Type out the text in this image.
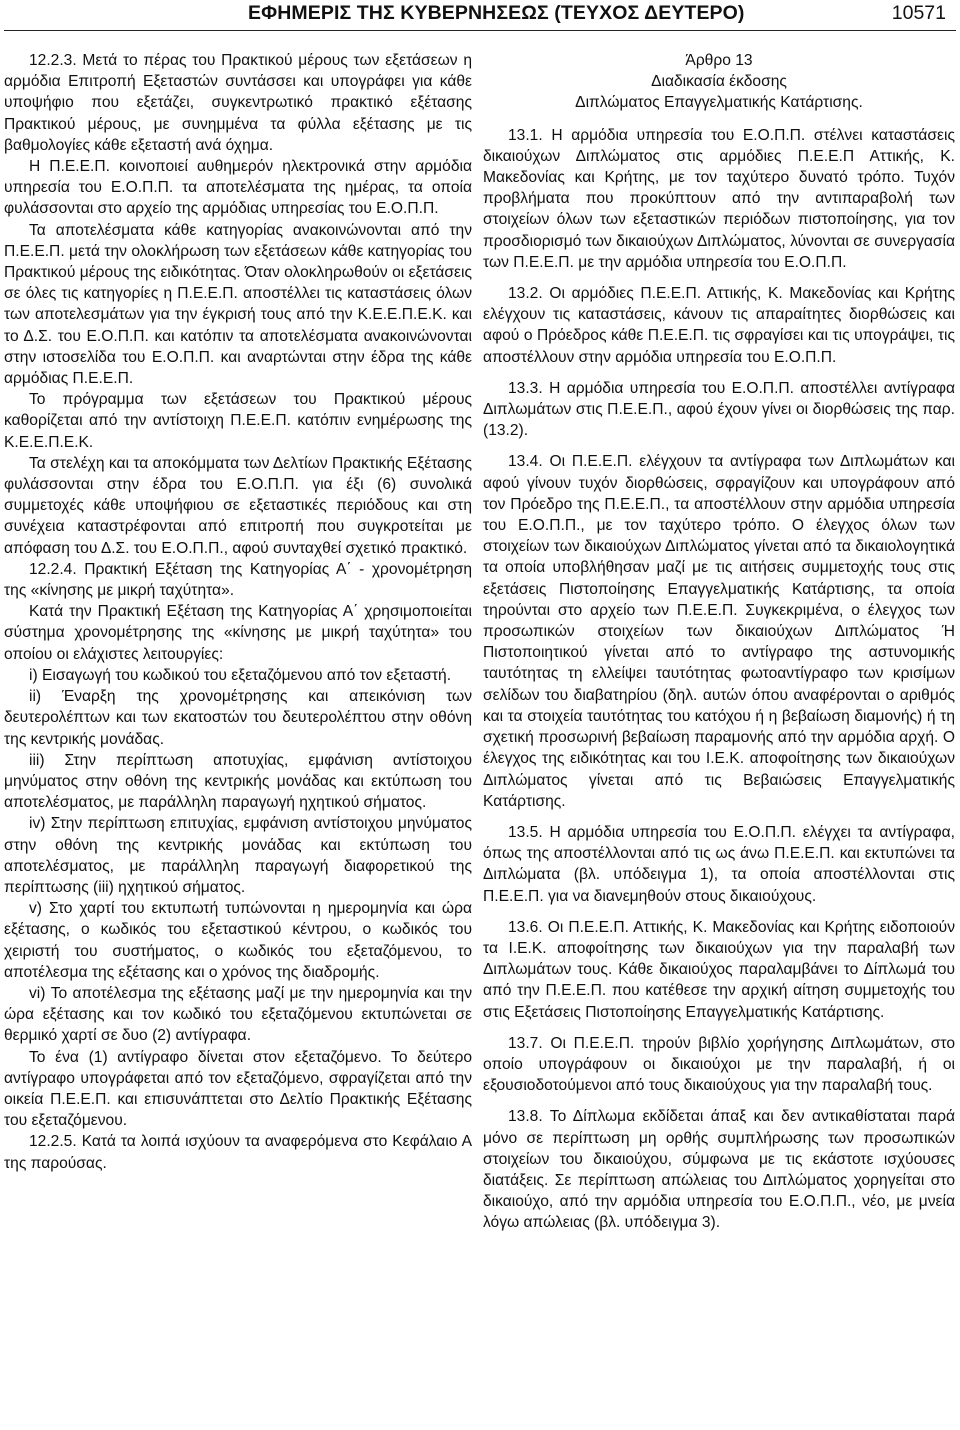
ΕΦΗΜΕΡΙΣ ΤΗΣ ΚΥΒΕΡΝΗΣΕΩΣ (ΤΕΥΧΟΣ ΔΕΥΤΕΡΟ)	10571

12.2.3. Μετά το πέρας του Πρακτικού μέρους των εξετάσεων η αρμόδια Επιτροπή Εξεταστών συντάσσει και υπογράφει για κάθε υποψήφιο που εξετάζει, συγκεντρωτικό πρακτικό εξέτασης Πρακτικού μέρους, με συνημμένα τα φύλλα εξέτασης με τις βαθμολογίες κάθε εξεταστή ανά όχημα.

Η Π.Ε.Ε.Π. κοινοποιεί αυθημερόν ηλεκτρονικά στην αρμόδια υπηρεσία του Ε.Ο.Π.Π. τα αποτελέσματα της ημέρας, τα οποία φυλάσσονται στο αρχείο της αρμόδιας υπηρεσίας του Ε.Ο.Π.Π.

Τα αποτελέσματα κάθε κατηγορίας ανακοινώνονται από την Π.Ε.Ε.Π. μετά την ολοκλήρωση των εξετάσεων κάθε κατηγορίας του Πρακτικού μέρους της ειδικότητας. Όταν ολοκληρωθούν οι εξετάσεις σε όλες τις κατηγορίες η Π.Ε.Ε.Π. αποστέλλει τις καταστάσεις όλων των αποτελεσμάτων για την έγκρισή τους από την Κ.Ε.Ε.Π.Ε.Κ. και το Δ.Σ. του Ε.Ο.Π.Π. και κατόπιν τα αποτελέσματα ανακοινώνονται στην ιστοσελίδα του Ε.Ο.Π.Π. και αναρτώνται στην έδρα της κάθε αρμόδιας Π.Ε.Ε.Π.

Το πρόγραμμα των εξετάσεων του Πρακτικού μέρους καθορίζεται από την αντίστοιχη Π.Ε.Ε.Π. κατόπιν ενημέρωσης της Κ.Ε.Ε.Π.Ε.Κ.

Τα στελέχη και τα αποκόμματα των Δελτίων Πρακτικής Εξέτασης φυλάσσονται στην έδρα του Ε.Ο.Π.Π. για έξι (6) συνολικά συμμετοχές κάθε υποψήφιου σε εξεταστικές περιόδους και στη συνέχεια καταστρέφονται από επιτροπή που συγκροτείται με απόφαση του Δ.Σ. του Ε.Ο.Π.Π., αφού συνταχθεί σχετικό πρακτικό.

12.2.4. Πρακτική Εξέταση της Κατηγορίας Α΄ - χρονομέτρηση της «κίνησης με μικρή ταχύτητα».

Κατά την Πρακτική Εξέταση της Κατηγορίας Α΄ χρησιμοποιείται σύστημα χρονομέτρησης της «κίνησης με μικρή ταχύτητα» του οποίου οι ελάχιστες λειτουργίες:

i) Εισαγωγή του κωδικού του εξεταζόμενου από τον εξεταστή.

ii) Έναρξη της χρονομέτρησης και απεικόνιση των δευτερολέπτων και των εκατοστών του δευτερολέπτου στην οθόνη της κεντρικής μονάδας.

iii) Στην περίπτωση αποτυχίας, εμφάνιση αντίστοιχου μηνύματος στην οθόνη της κεντρικής μονάδας και εκτύπωση του αποτελέσματος, με παράλληλη παραγωγή ηχητικού σήματος.

iv) Στην περίπτωση επιτυχίας, εμφάνιση αντίστοιχου μηνύματος στην οθόνη της κεντρικής μονάδας και εκτύπωση του αποτελέσματος, με παράλληλη παραγωγή διαφορετικού της περίπτωσης (iii) ηχητικού σήματος.

v) Στο χαρτί του εκτυπωτή τυπώνονται η ημερομηνία και ώρα εξέτασης, ο κωδικός του εξεταστικού κέντρου, ο κωδικός του χειριστή του συστήματος, ο κωδικός του εξεταζόμενου, το αποτέλεσμα της εξέτασης και ο χρόνος της διαδρομής.

vi) Το αποτέλεσμα της εξέτασης μαζί με την ημερομηνία και την ώρα εξέτασης και τον κωδικό του εξεταζόμενου εκτυπώνεται σε θερμικό χαρτί σε δυο (2) αντίγραφα.

Το ένα (1) αντίγραφο δίνεται στον εξεταζόμενο. Το δεύτερο αντίγραφο υπογράφεται από τον εξεταζόμενο, σφραγίζεται από την οικεία Π.Ε.Ε.Π. και επισυνάπτεται στο Δελτίο Πρακτικής Εξέτασης του εξεταζόμενου.

12.2.5. Κατά τα λοιπά ισχύουν τα αναφερόμενα στο Κεφάλαιο Α της παρούσας.

Άρθρο 13
Διαδικασία έκδοσης
Διπλώματος Επαγγελματικής Κατάρτισης.

13.1. Η αρμόδια υπηρεσία του Ε.Ο.Π.Π. στέλνει καταστάσεις δικαιούχων Διπλώματος στις αρμόδιες Π.Ε.Ε.Π Αττικής, Κ. Μακεδονίας και Κρήτης, με τον ταχύτερο δυνατό τρόπο. Τυχόν προβλήματα που προκύπτουν από την αντιπαραβολή των στοιχείων όλων των εξεταστικών περιόδων πιστοποίησης, για τον προσδιορισμό των δικαιούχων Διπλώματος, λύνονται σε συνεργασία των Π.Ε.Ε.Π. με την αρμόδια υπηρεσία του Ε.Ο.Π.Π.

13.2. Οι αρμόδιες Π.Ε.Ε.Π. Αττικής, Κ. Μακεδονίας και Κρήτης ελέγχουν τις καταστάσεις, κάνουν τις απαραίτητες διορθώσεις και αφού ο Πρόεδρος κάθε Π.Ε.Ε.Π. τις σφραγίσει και τις υπογράψει, τις αποστέλλουν στην αρμόδια υπηρεσία του Ε.Ο.Π.Π.

13.3. Η αρμόδια υπηρεσία του Ε.Ο.Π.Π. αποστέλλει αντίγραφα Διπλωμάτων στις Π.Ε.Ε.Π., αφού έχουν γίνει οι διορθώσεις της παρ. (13.2).

13.4. Οι Π.Ε.Ε.Π. ελέγχουν τα αντίγραφα των Διπλωμάτων και αφού γίνουν τυχόν διορθώσεις, σφραγίζουν και υπογράφουν από τον Πρόεδρο της Π.Ε.Ε.Π., τα αποστέλλουν στην αρμόδια υπηρεσία του Ε.Ο.Π.Π., με τον ταχύτερο τρόπο. Ο έλεγχος όλων των στοιχείων των δικαιούχων Διπλώματος γίνεται από τα δικαιολογητικά τα οποία υποβλήθησαν μαζί με τις αιτήσεις συμμετοχής τους στις εξετάσεις Πιστοποίησης Επαγγελματικής Κατάρτισης, τα οποία τηρούνται στο αρχείο των Π.Ε.Ε.Π. Συγκεκριμένα, ο έλεγχος των προσωπικών στοιχείων των δικαιούχων Διπλώματος Ή Πιστοποιητικού γίνεται από το αντίγραφο της αστυνομικής ταυτότητας τη ελλείψει ταυτότητας φωτοαντίγραφο των κρισίμων σελίδων του διαβατηρίου (δηλ. αυτών όπου αναφέρονται ο αριθμός και τα στοιχεία ταυτότητας του κατόχου ή η βεβαίωση διαμονής) ή τη σχετική προσωρινή βεβαίωση παραμονής από την αρμόδια αρχή. Ο έλεγχος της ειδικότητας και του Ι.Ε.Κ. αποφοίτησης των δικαιούχων Διπλώματος γίνεται από τις Βεβαιώσεις Επαγγελματικής Κατάρτισης.

13.5. Η αρμόδια υπηρεσία του Ε.Ο.Π.Π. ελέγχει τα αντίγραφα, όπως της αποστέλλονται από τις ως άνω Π.Ε.Ε.Π. και εκτυπώνει τα Διπλώματα (βλ. υπόδειγμα 1), τα οποία αποστέλλονται στις Π.Ε.Ε.Π. για να διανεμηθούν στους δικαιούχους.

13.6. Οι Π.Ε.Ε.Π. Αττικής, Κ. Μακεδονίας και Κρήτης ειδοποιούν τα Ι.Ε.Κ. αποφοίτησης των δικαιούχων για την παραλαβή των Διπλωμάτων τους. Κάθε δικαιούχος παραλαμβάνει το Δίπλωμά του από την Π.Ε.Ε.Π. που κατέθεσε την αρχική αίτηση συμμετοχής του στις Εξετάσεις Πιστοποίησης Επαγγελματικής Κατάρτισης.

13.7. Οι Π.Ε.Ε.Π. τηρούν βιβλίο χορήγησης Διπλωμάτων, στο οποίο υπογράφουν οι δικαιούχοι με την παραλαβή, ή οι εξουσιοδοτούμενοι από τους δικαιούχους για την παραλαβή τους.

13.8. Το Δίπλωμα εκδίδεται άπαξ και δεν αντικαθίσταται παρά μόνο σε περίπτωση μη ορθής συμπλήρωσης των προσωπικών στοιχείων του δικαιούχου, σύμφωνα με τις εκάστοτε ισχύουσες διατάξεις. Σε περίπτωση απώλειας του Διπλώματος χορηγείται στο δικαιούχο, από την αρμόδια υπηρεσία του Ε.Ο.Π.Π., νέο, με μνεία λόγω απώλειας (βλ. υπόδειγμα 3).
